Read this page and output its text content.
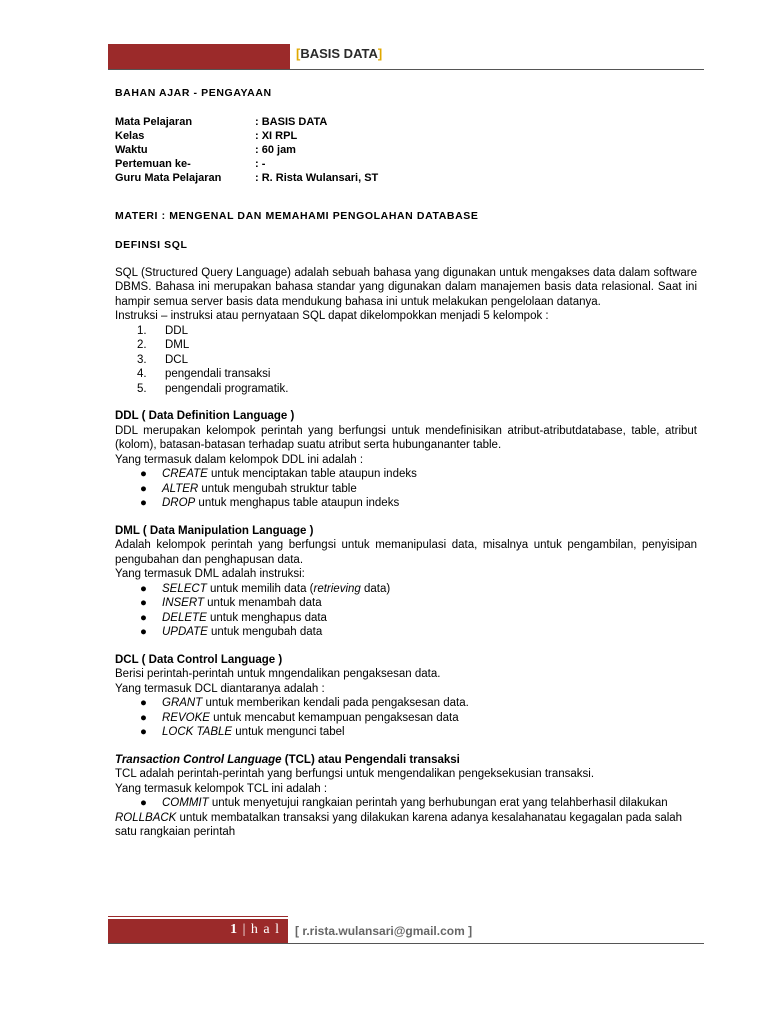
[BASIS DATA]

BAHAN AJAR - PENGAYAAN

Mata Pelajaran	: BASIS DATA
Kelas	: XI RPL
Waktu	: 60 jam
Pertemuan ke-	: -
Guru Mata Pelajaran	: R. Rista Wulansari, ST

MATERI : MENGENAL DAN MEMAHAMI PENGOLAHAN DATABASE

DEFINSI SQL

SQL (Structured Query Language) adalah sebuah bahasa yang digunakan untuk mengakses data dalam software DBMS. Bahasa ini merupakan bahasa standar yang digunakan dalam manajemen basis data relasional. Saat ini hampir semua server basis data mendukung bahasa ini untuk melakukan pengelolaan datanya.

Instruksi – instruksi atau pernyataan SQL dapat dikelompokkan menjadi 5 kelompok :

1.	DDL
2.	DML
3.	DCL
4.	pengendali transaksi
5.	pengendali programatik.

DDL ( Data Definition Language )

DDL merupakan kelompok perintah yang berfungsi untuk mendefinisikan atribut-atributdatabase, table, atribut (kolom), batasan-batasan terhadap suatu atribut serta hubungananter table.

Yang termasuk dalam kelompok DDL ini adalah :

●	CREATE untuk menciptakan table ataupun indeks
●	ALTER untuk mengubah struktur table
●	DROP untuk menghapus table ataupun indeks

DML ( Data Manipulation Language )

Adalah kelompok perintah yang berfungsi untuk memanipulasi data, misalnya untuk pengambilan, penyisipan pengubahan dan penghapusan data.

Yang termasuk DML adalah instruksi:

●	SELECT untuk memilih data (retrieving data)
●	INSERT untuk menambah data
●	DELETE untuk menghapus data
●	UPDATE untuk mengubah data

DCL ( Data Control Language )

Berisi perintah-perintah untuk mngendalikan pengaksesan data.

Yang termasuk DCL diantaranya adalah :

●	GRANT untuk memberikan kendali pada pengaksesan data.
●	REVOKE untuk mencabut kemampuan pengaksesan data
●	LOCK TABLE untuk mengunci tabel

Transaction Control Language (TCL) atau Pengendali transaksi

TCL adalah perintah-perintah yang berfungsi untuk mengendalikan pengeksekusian transaksi.

Yang termasuk kelompok TCL ini adalah :

●	COMMIT untuk menyetujui rangkaian perintah yang berhubungan erat yang telahberhasil dilakukan

ROLLBACK untuk membatalkan transaksi yang dilakukan karena adanya kesalahanatau kegagalan pada salah satu rangkaian perintah

1 | h a l [ r.rista.wulansari@gmail.com ]
